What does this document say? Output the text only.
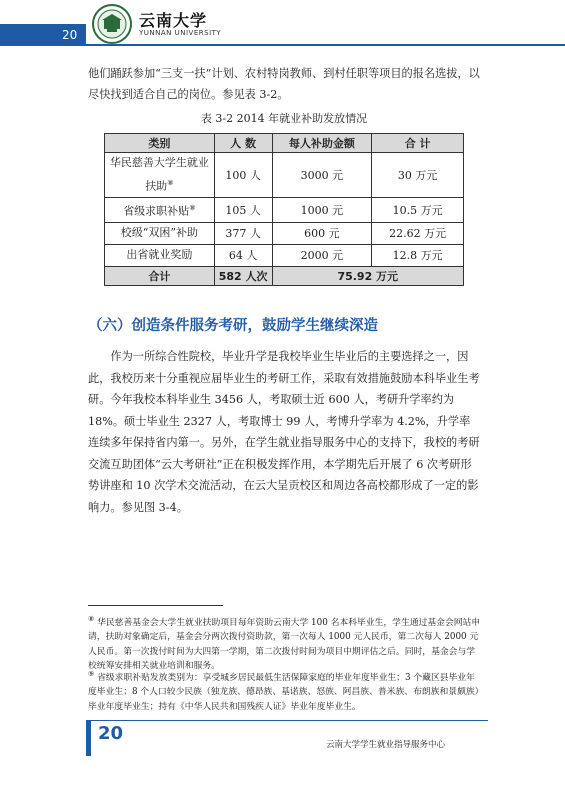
20
云南大学
YUNNAN UNIVERSITY

他们踊跃参加“三支一扶”计划、农村特岗教师、到村任职等项目的报名选拔，以尽快找到适合自己的岗位。参见表 3-2。

表 3-2 2014 年就业补助发放情况
类别	人 数	每人补助金额	合 计
华民慈善大学生就业扶助⑧	100 人	3000 元	30 万元
省级求职补贴⑧	105 人	1000 元	10.5 万元
校级“双困”补助	377 人	600 元	22.62 万元
出省就业奖励	64 人	2000 元	12.8 万元
合计	582 人次	75.92 万元	
（六）创造条件服务考研，鼓励学生继续深造

作为一所综合性院校，毕业升学是我校毕业生毕业后的主要选择之一，因此，我校历来十分重视应届毕业生的考研工作，采取有效措施鼓励本科毕业生考研。今年我校本科毕业生 3456 人，考取硕士近 600 人，考研升学率约为 18%。硕士毕业生 2327 人，考取博士 99 人，考博升学率为 4.2%，升学率连续多年保持省内第一。另外，在学生就业指导服务中心的支持下，我校的考研交流互助团体“云大考研社”正在积极发挥作用，本学期先后开展了 6 次考研形势讲座和 10 次学术交流活动，在云大呈贡校区和周边各高校都形成了一定的影响力。参见图 3-4。

⑧ 华民慈善基金会大学生就业扶助项目每年资助云南大学 100 名本科毕业生，学生通过基金会网站申请，扶助对象确定后，基金会分两次拨付资助款，第一次每人 1000 元人民币，第二次每人 2000 元人民币。第一次拨付时间为大四第一学期，第二次拨付时间为项目中期评估之后。同时，基金会与学校统筹安排相关就业培训和服务。

⑨ 省级求职补贴发放类别为：享受城乡居民最低生活保障家庭的毕业年度毕业生；3 个藏区县毕业年度毕业生；8 个人口较少民族（独龙族、德昂族、基诺族、怒族、阿昌族、普米族、布朗族和景颇族）毕业年度毕业生；持有《中华人民共和国残疾人证》毕业年度毕业生。

20
云南大学学生就业指导服务中心
